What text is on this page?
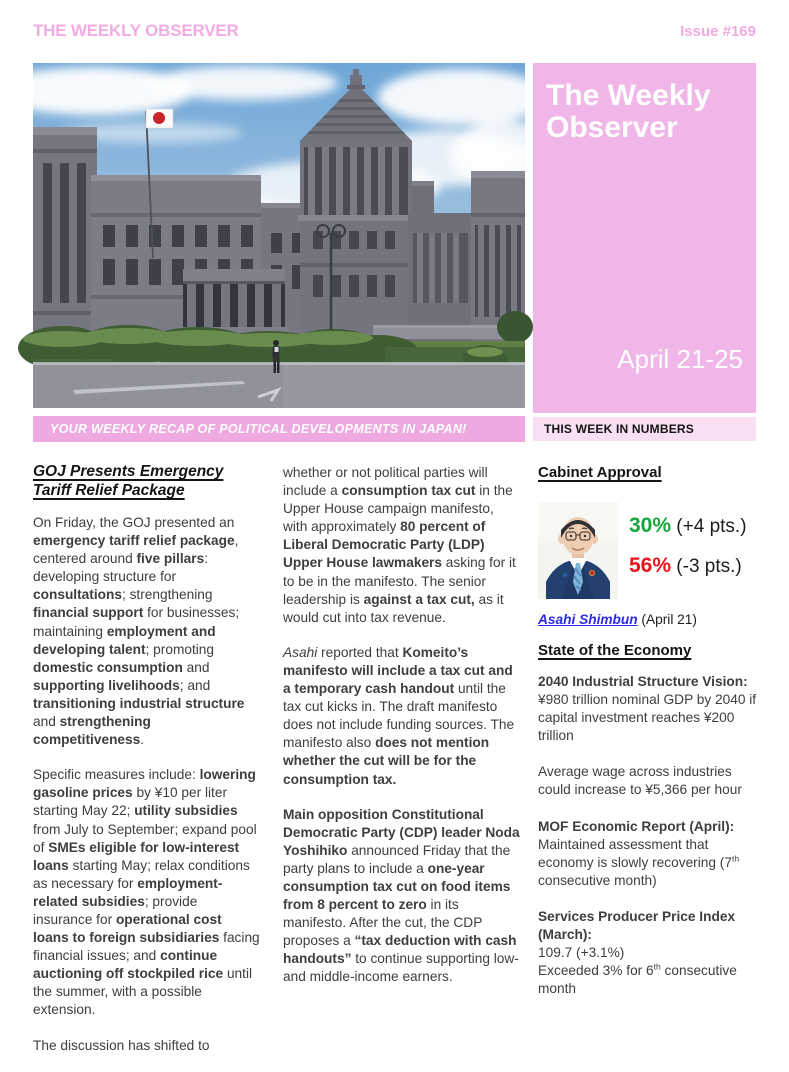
THE WEEKLY OBSERVER	Issue #169
The Weekly Observer
April 21-25
YOUR WEEKLY RECAP OF POLITICAL DEVELOPMENTS IN JAPAN!	THIS WEEK IN NUMBERS
GOJ Presents Emergency Tariff Relief Package

On Friday, the GOJ presented an emergency tariff relief package, centered around five pillars: developing structure for consultations; strengthening financial support for businesses; maintaining employment and developing talent; promoting domestic consumption and supporting livelihoods; and transitioning industrial structure and strengthening competitiveness.

Specific measures include: lowering gasoline prices by ¥10 per liter starting May 22; utility subsidies from July to September; expand pool of SMEs eligible for low-interest loans starting May; relax conditions as necessary for employment-related subsidies; provide insurance for operational cost loans to foreign subsidiaries facing financial issues; and continue auctioning off stockpiled rice until the summer, with a possible extension.

The discussion has shifted to

whether or not political parties will include a consumption tax cut in the Upper House campaign manifesto, with approximately 80 percent of Liberal Democratic Party (LDP) Upper House lawmakers asking for it to be in the manifesto. The senior leadership is against a tax cut, as it would cut into tax revenue.

Asahi reported that Komeito’s manifesto will include a tax cut and a temporary cash handout until the tax cut kicks in. The draft manifesto does not include funding sources. The manifesto also does not mention whether the cut will be for the consumption tax.

Main opposition Constitutional Democratic Party (CDP) leader Noda Yoshihiko announced Friday that the party plans to include a one-year consumption tax cut on food items from 8 percent to zero in its manifesto. After the cut, the CDP proposes a “tax deduction with cash handouts” to continue supporting low- and middle-income earners.

Cabinet Approval
30% (+4 pts.)
56% (-3 pts.)
Asahi Shimbun (April 21)
State of the Economy
2040 Industrial Structure Vision:
¥980 trillion nominal GDP by 2040 if capital investment reaches ¥200 trillion
Average wage across industries could increase to ¥5,366 per hour
MOF Economic Report (April):
Maintained assessment that economy is slowly recovering (7th consecutive month)
Services Producer Price Index (March):
109.7 (+3.1%)
Exceeded 3% for 6th consecutive month
